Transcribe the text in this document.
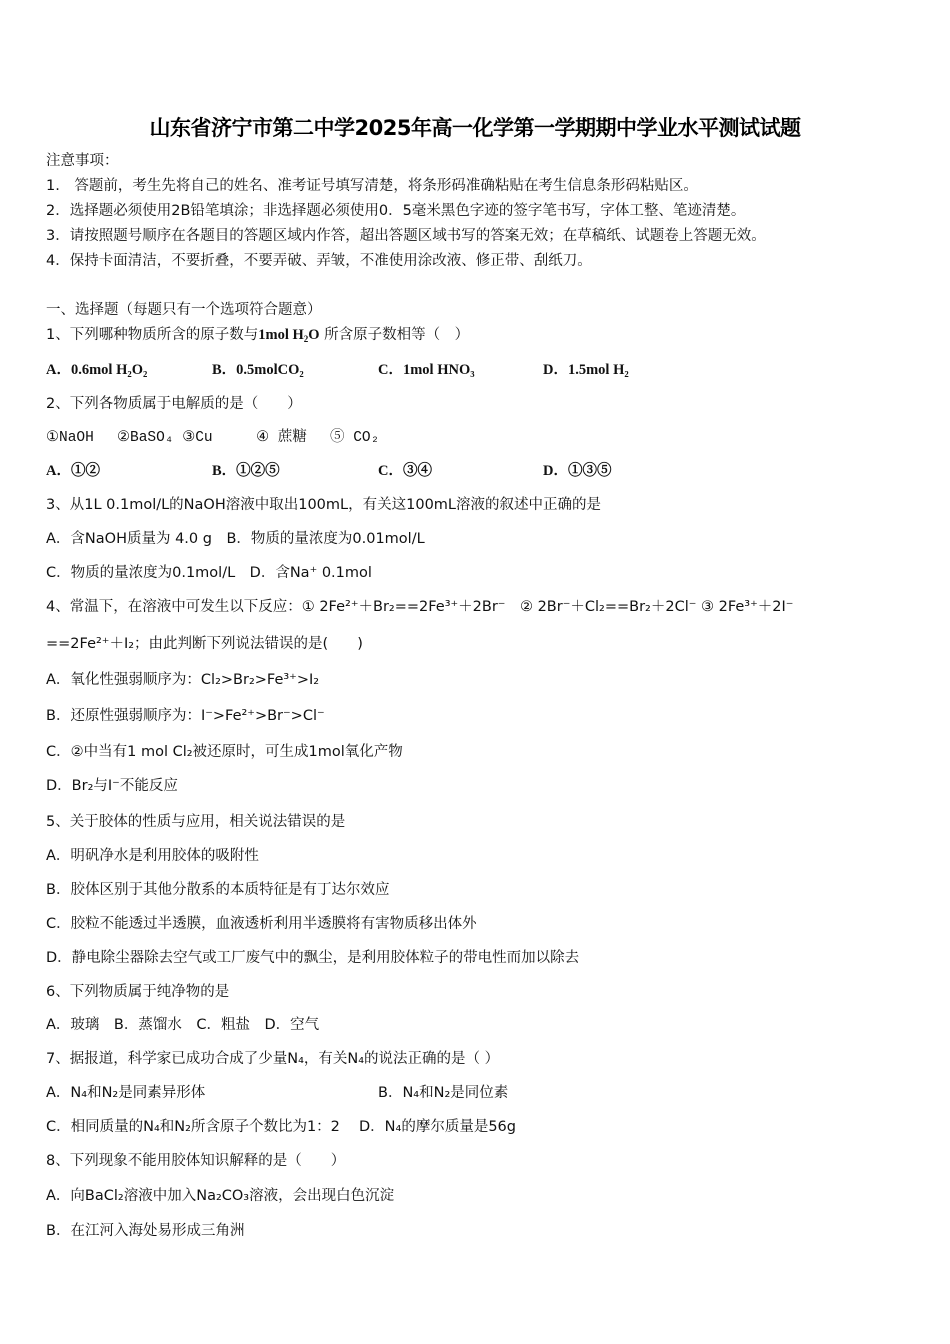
山东省济宁市第二中学2025年高一化学第一学期期中学业水平测试试题
注意事项：
1.　答题前，考生先将自己的姓名、准考证号填写清楚，将条形码准确粘贴在考生信息条形码粘贴区。
2．选择题必须使用2B铅笔填涂；非选择题必须使用0．5毫米黑色字迹的签字笔书写，字体工整、笔迹清楚。
3．请按照题号顺序在各题目的答题区域内作答，超出答题区域书写的答案无效；在草稿纸、试题卷上答题无效。
4．保持卡面清洁，不要折叠，不要弄破、弄皱，不准使用涂改液、修正带、刮纸刀。
一、选择题（每题只有一个选项符合题意）
1、下列哪种物质所含的原子数与1mol $H_2O$ 所含原子数相等（　）
A．0.6mol H₂O₂	B．0.5molCO₂	C．1mol HNO₃	D．1.5mol H₂
2、下列各物质属于电解质的是（　　）
①NaOH　 ②BaSO₄ ③Cu　　　④ 蔗糖　 ⑤ CO₂
A．①②	B．①②⑤	C．③④	D．①③⑤
3、从1L 0.1mol/L的NaOH溶液中取出100mL，有关这100mL溶液的叙述中正确的是
A．含NaOH质量为 4.0 g　B．物质的量浓度为0.01mol/L
C．物质的量浓度为0.1mol/L　D．含Na⁺ 0.1mol
4、常温下，在溶液中可发生以下反应：① 2Fe²⁺＋Br₂==2Fe³⁺＋2Br⁻　② 2Br⁻＋Cl₂==Br₂＋2Cl⁻ ③ 2Fe³⁺＋2I⁻
==2Fe²⁺＋I₂；由此判断下列说法错误的是(　　)
A．氧化性强弱顺序为：Cl₂>Br₂>Fe³⁺>I₂
B．还原性强弱顺序为：I⁻>Fe²⁺>Br⁻>Cl⁻
C．②中当有1 mol Cl₂被还原时，可生成1mol氧化产物
D．Br₂与I⁻不能反应
5、关于胶体的性质与应用，相关说法错误的是
A．明矾净水是利用胶体的吸附性
B．胶体区别于其他分散系的本质特征是有丁达尔效应
C．胶粒不能透过半透膜，血液透析利用半透膜将有害物质移出体外
D．静电除尘器除去空气或工厂废气中的飘尘，是利用胶体粒子的带电性而加以除去
6、下列物质属于纯净物的是
A．玻璃　B．蒸馏水　C．粗盐　D．空气
7、据报道，科学家已成功合成了少量N₄，有关N₄的说法正确的是（ ）
A．N₄和N₂是同素异形体	B．N₄和N₂是同位素
C．相同质量的N₄和N₂所含原子个数比为1：2　 D．N₄的摩尔质量是56g
8、下列现象不能用胶体知识解释的是（　　）
A．向BaCl₂溶液中加入Na₂CO₃溶液，会出现白色沉淀
B．在江河入海处易形成三角洲
